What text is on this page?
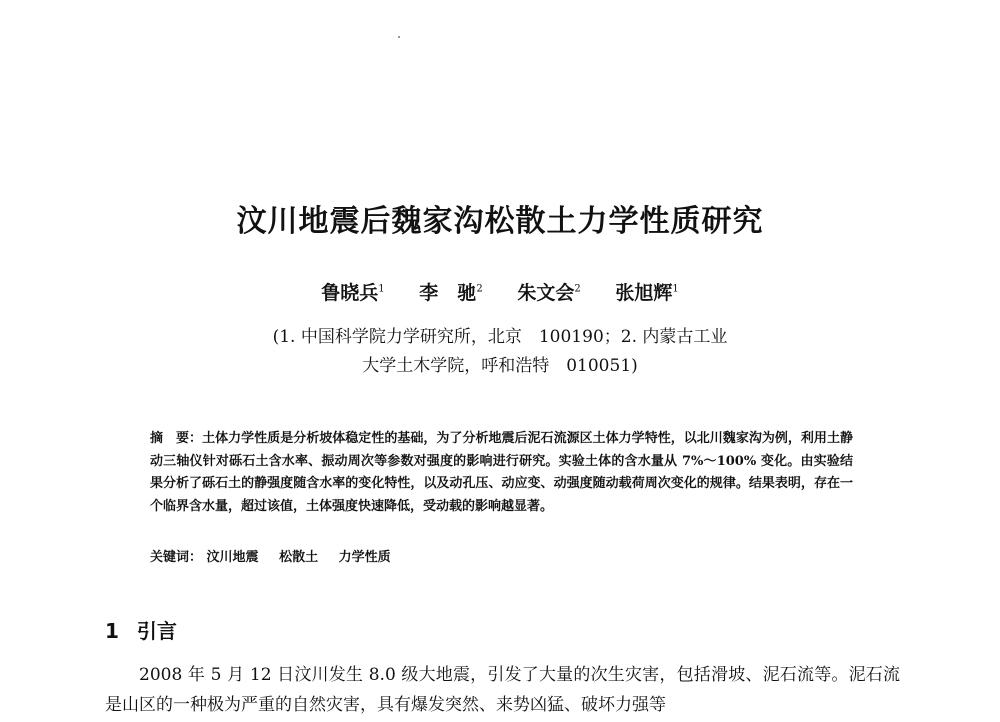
汶川地震后魏家沟松散土力学性质研究
鲁晓兵$^1$ 李　驰$^2$ 朱文会$^2$ 张旭辉$^1$
(1. 中国科学院力学研究所，北京　100190；2. 内蒙古工业
大学土木学院，呼和浩特　010051)
摘　要：土体力学性质是分析坡体稳定性的基础，为了分析地震后泥石流源区土体力学特性，以北川魏家沟为例，利用土静动三轴仪针对砾石土含水率、振动周次等参数对强度的影响进行研究。实验土体的含水量从 7%～100% 变化。由实验结果分析了砾石土的静强度随含水率的变化特性，以及动孔压、动应变、动强度随动载荷周次变化的规律。结果表明，存在一个临界含水量，超过该值，土体强度快速降低，受动载的影响越显著。
关键词： 汶川地震 松散土 力学性质
1 引言
2008 年 5 月 12 日汶川发生 8.0 级大地震，引发了大量的次生灾害，包括滑坡、泥石流等。泥石流是山区的一种极为严重的自然灾害，具有爆发突然、来势凶猛、破坏力强等
